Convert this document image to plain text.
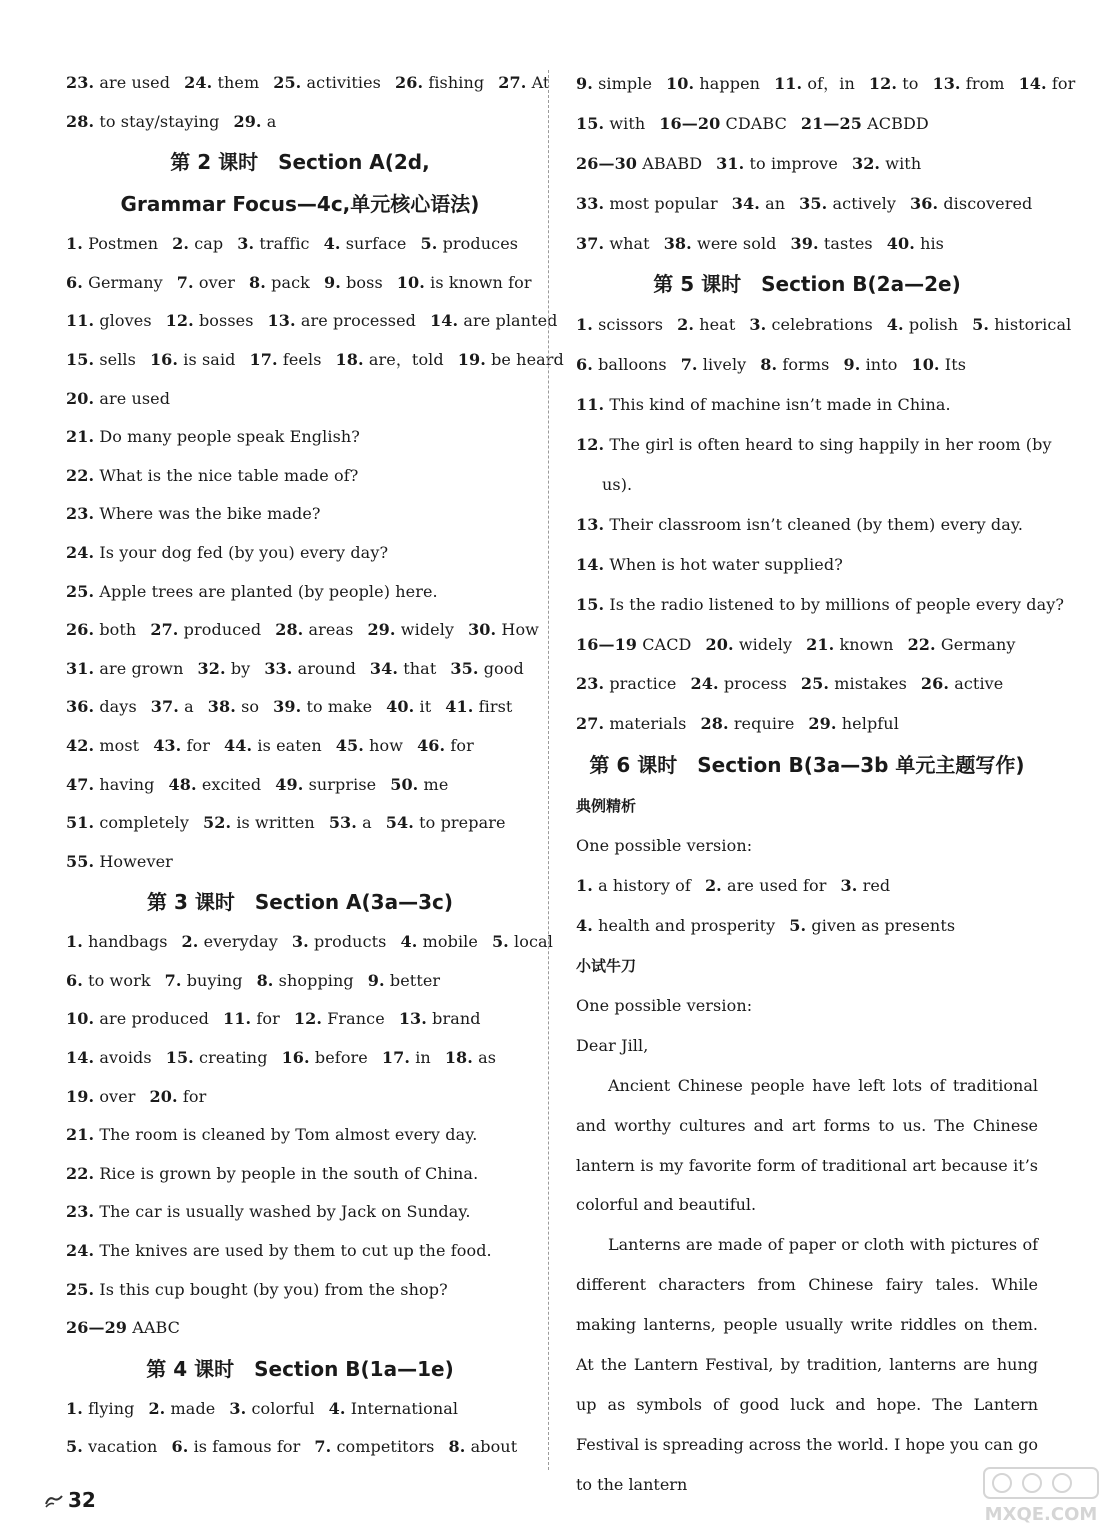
23. are used 24. them 25. activities 26. fishing 27. At
28. to stay/staying 29. a
第 2 课时　Section A(2d,
Grammar Focus—4c,单元核心语法)
1. Postmen 2. cap 3. traffic 4. surface 5. produces
6. Germany 7. over 8. pack 9. boss 10. is known for
11. gloves 12. bosses 13. are processed 14. are planted
15. sells 16. is said 17. feels 18. are，told 19. be heard
20. are used
21. Do many people speak English?
22. What is the nice table made of?
23. Where was the bike made?
24. Is your dog fed (by you) every day?
25. Apple trees are planted (by people) here.
26. both 27. produced 28. areas 29. widely 30. How
31. are grown 32. by 33. around 34. that 35. good
36. days 37. a 38. so 39. to make 40. it 41. first
42. most 43. for 44. is eaten 45. how 46. for
47. having 48. excited 49. surprise 50. me
51. completely 52. is written 53. a 54. to prepare
55. However
第 3 课时　Section A(3a—3c)
1. handbags 2. everyday 3. products 4. mobile 5. local
6. to work 7. buying 8. shopping 9. better
10. are produced 11. for 12. France 13. brand
14. avoids 15. creating 16. before 17. in 18. as
19. over 20. for
21. The room is cleaned by Tom almost every day.
22. Rice is grown by people in the south of China.
23. The car is usually washed by Jack on Sunday.
24. The knives are used by them to cut up the food.
25. Is this cup bought (by you) from the shop?
26—29 AABC
第 4 课时　Section B(1a—1e)
1. flying 2. made 3. colorful 4. International
5. vacation 6. is famous for 7. competitors 8. about
9. simple 10. happen 11. of，in 12. to 13. from 14. for
15. with 16—20 CDABC 21—25 ACBDD
26—30 ABABD 31. to improve 32. with
33. most popular 34. an 35. actively 36. discovered
37. what 38. were sold 39. tastes 40. his
第 5 课时　Section B(2a—2e)
1. scissors 2. heat 3. celebrations 4. polish 5. historical
6. balloons 7. lively 8. forms 9. into 10. Its
11. This kind of machine isn’t made in China.
12. The girl is often heard to sing happily in her room (by
us).
13. Their classroom isn’t cleaned (by them) every day.
14. When is hot water supplied?
15. Is the radio listened to by millions of people every day?
16—19 CACD 20. widely 21. known 22. Germany
23. practice 24. process 25. mistakes 26. active
27. materials 28. require 29. helpful
第 6 课时　Section B(3a—3b 单元主题写作)
典例精析
One possible version:
1. a history of 2. are used for 3. red
4. health and prosperity 5. given as presents
小试牛刀
One possible version:
Dear Jill,
Ancient Chinese people have left lots of traditional and worthy cultures and art forms to us. The Chinese lantern is my favorite form of traditional art because it’s colorful and beautiful.
Lanterns are made of paper or cloth with pictures of different characters from Chinese fairy tales. While making lanterns, people usually write riddles on them. At the Lantern Festival, by tradition, lanterns are hung up as symbols of good luck and hope. The Lantern Festival is spreading across the world. I hope you can go to the lantern
32
MXQE.COM
